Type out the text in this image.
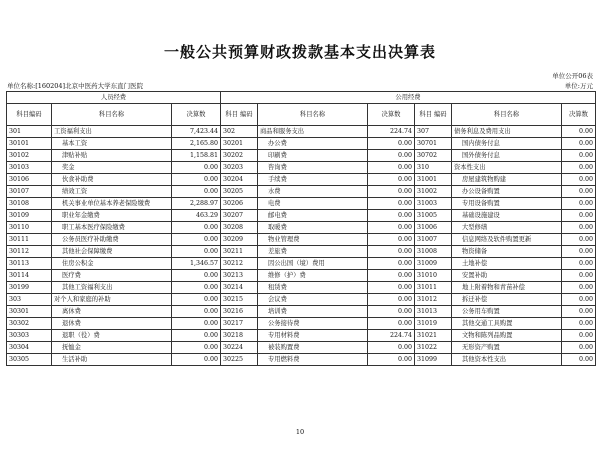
一般公共预算财政拨款基本支出决算表
单位公开06表
单位名称:[160204]北京中医药大学东直门医院	单位:万元
人员经费			公用经费					
科目编码	科目名称	决算数	科目 编码	科目名称	决算数	科目 编码	科目名称	决算数
301	工资福利支出	7,423.44	302	商品和服务支出	224.74	307	债务利息及费用支出	0.00
30101	基本工资	2,165.80	30201	办公费	0.00	30701	国内债务付息	0.00
30102	津贴补贴	1,158.81	30202	印刷费	0.00	30702	国外债务付息	0.00
30103	奖金	0.00	30203	咨询费	0.00	310	资本性支出	0.00
30106	伙食补助费	0.00	30204	手续费	0.00	31001	房屋建筑物购建	0.00
30107	绩效工资	0.00	30205	水费	0.00	31002	办公设备购置	0.00
30108	机关事业单位基本养老保险缴费	2,288.97	30206	电费	0.00	31003	专用设备购置	0.00
30109	职业年金缴费	463.29	30207	邮电费	0.00	31005	基础设施建设	0.00
30110	职工基本医疗保险缴费	0.00	30208	取暖费	0.00	31006	大型修缮	0.00
30111	公务员医疗补助缴费	0.00	30209	物业管理费	0.00	31007	信息网络及软件购置更新	0.00
30112	其他社会保障缴费	0.00	30211	差旅费	0.00	31008	物资储备	0.00
30113	住房公积金	1,346.57	30212	因公出国（境）费用	0.00	31009	土地补偿	0.00
30114	医疗费	0.00	30213	维修（护）费	0.00	31010	安置补助	0.00
30199	其他工资福利支出	0.00	30214	租赁费	0.00	31011	地上附着物和青苗补偿	0.00
303	对个人和家庭的补助	0.00	30215	会议费	0.00	31012	拆迁补偿	0.00
30301	离休费	0.00	30216	培训费	0.00	31013	公务用车购置	0.00
30302	退休费	0.00	30217	公务接待费	0.00	31019	其他交通工具购置	0.00
30303	退职（役）费	0.00	30218	专用材料费	224.74	31021	文物和陈列品购置	0.00
30304	抚恤金	0.00	30224	被装购置费	0.00	31022	无形资产购置	0.00
30305	生活补助	0.00	30225	专用燃料费	0.00	31099	其他资本性支出	0.00
10
